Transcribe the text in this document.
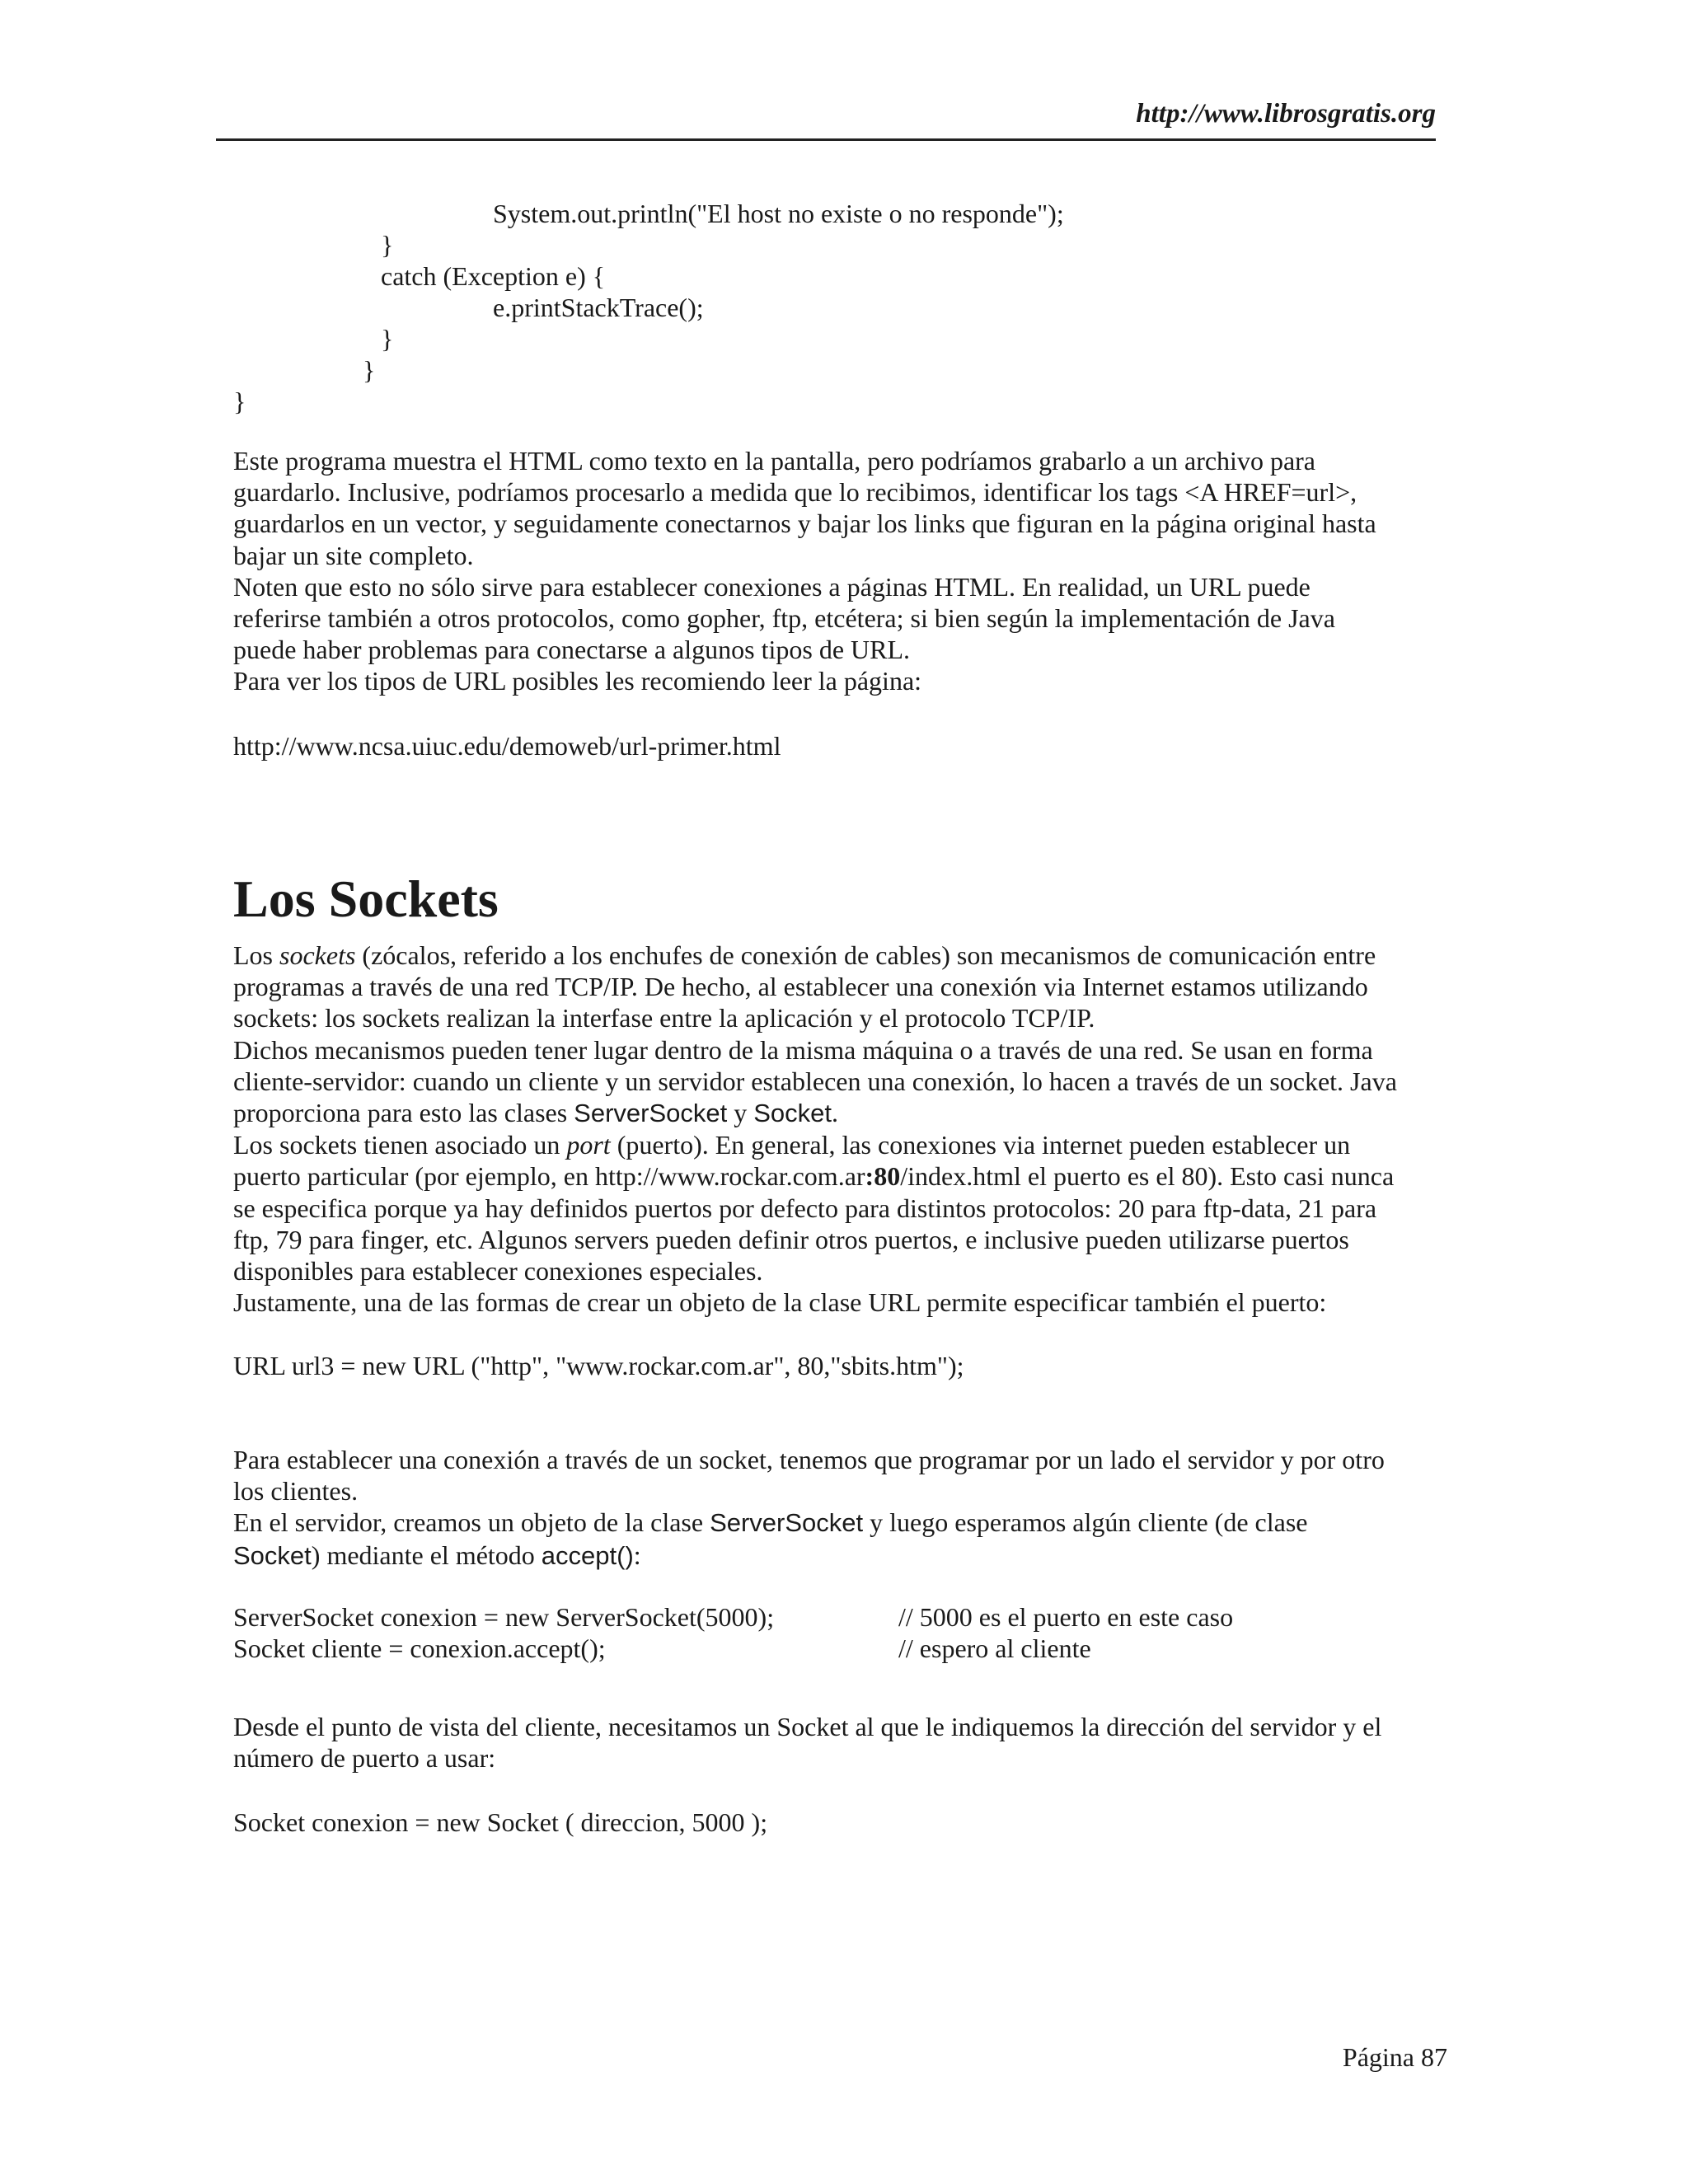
http://www.librosgratis.org
System.out.println("El host no existe o no responde");
}
catch (Exception e) {
e.printStackTrace();
}
}
}

Este programa muestra el HTML como texto en la pantalla, pero podríamos grabarlo a un archivo para

guardarlo. Inclusive, podríamos procesarlo a medida que lo recibimos, identificar los tags <A HREF=url>,

guardarlos en un vector, y seguidamente conectarnos y bajar los links que figuran en la página original hasta

bajar un site completo.

Noten que esto no sólo sirve para establecer conexiones a páginas HTML. En realidad, un URL puede

referirse también a otros protocolos, como gopher, ftp, etcétera; si bien según la implementación de Java

puede haber problemas para conectarse a algunos tipos de URL.

Para ver los tipos de URL posibles les recomiendo leer la página:

http://www.ncsa.uiuc.edu/demoweb/url-primer.html
Los Sockets

Los sockets (zócalos, referido a los enchufes de conexión de cables) son mecanismos de comunicación entre

programas a través de una red TCP/IP. De hecho, al establecer una conexión via Internet estamos utilizando

sockets: los sockets realizan la interfase entre la aplicación y el protocolo TCP/IP.

Dichos mecanismos pueden tener lugar dentro de la misma máquina o a través de una red. Se usan en forma

cliente-servidor: cuando un cliente y un servidor establecen una conexión, lo hacen a través de un socket. Java

proporciona para esto las clases ServerSocket y Socket.

Los sockets tienen asociado un port (puerto). En general, las conexiones via internet pueden establecer un

puerto particular (por ejemplo, en http://www.rockar.com.ar:80/index.html el puerto es el 80). Esto casi nunca

se especifica porque ya hay definidos puertos por defecto para distintos protocolos: 20 para ftp-data, 21 para

ftp, 79 para finger, etc. Algunos servers pueden definir otros puertos, e inclusive pueden utilizarse puertos

disponibles para establecer conexiones especiales.

Justamente, una de las formas de crear un objeto de la clase URL permite especificar también el puerto:

URL url3 = new URL ("http", "www.rockar.com.ar", 80,"sbits.htm");

Para establecer una conexión a través de un socket, tenemos que programar por un lado el servidor y por otro

los clientes.

En el servidor, creamos un objeto de la clase ServerSocket y luego esperamos algún cliente (de clase

Socket) mediante el método accept():

ServerSocket conexion = new ServerSocket(5000);	// 5000 es el puerto en este caso
Socket cliente = conexion.accept();	// espero al cliente

Desde el punto de vista del cliente, necesitamos un Socket al que le indiquemos la dirección del servidor y el

número de puerto a usar:

Socket conexion = new Socket ( direccion, 5000 );
Página 87
